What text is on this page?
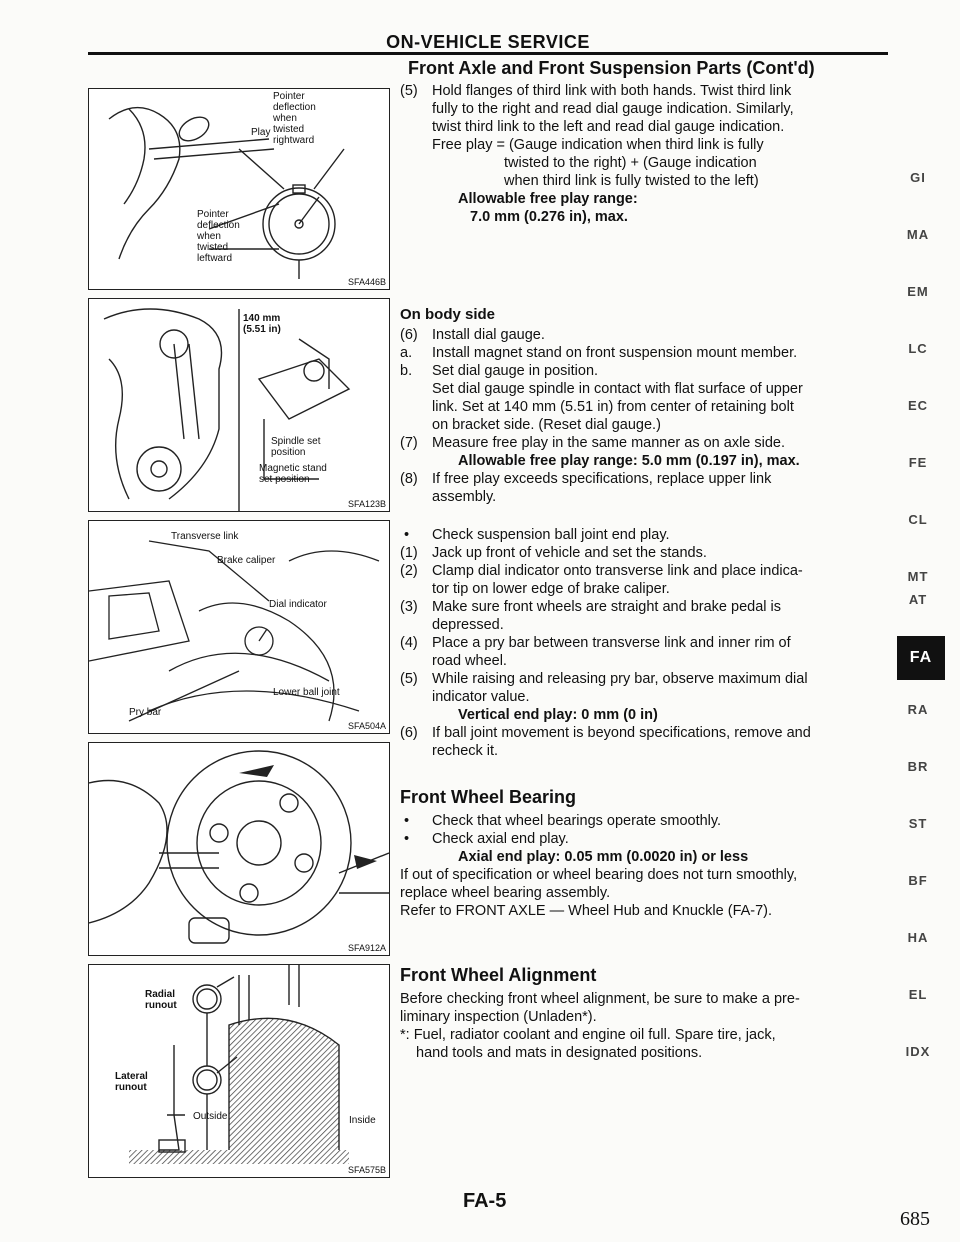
ON-VEHICLE SERVICE
Front Axle and Front Suspension Parts (Cont'd)
Pointer
deflection
when
twisted
rightward
Play
Pointer
deflection
when
twisted
leftward
SFA446B
140 mm
(5.51 in)
Spindle set
position
Magnetic stand
set position
SFA123B
Transverse link
Brake caliper
Dial indicator
Lower ball joint
Pry bar
SFA504A
SFA912A
Radial
runout
Lateral
runout
Outside	Inside
SFA575B
(5) Hold flanges of third link with both hands. Twist third link
fully to the right and read dial gauge indication. Similarly,
twist third link to the left and read dial gauge indication.
Free play = (Gauge indication when third link is fully
twisted to the right) + (Gauge indication
when third link is fully twisted to the left)
Allowable free play range:
7.0 mm (0.276 in), max.
On body side
(6) Install dial gauge.
a.	Install magnet stand on front suspension mount member.
b.	Set dial gauge in position.
Set dial gauge spindle in contact with flat surface of upper
link. Set at 140 mm (5.51 in) from center of retaining bolt
on bracket side. (Reset dial gauge.)
(7) Measure free play in the same manner as on axle side.
Allowable free play range: 5.0 mm (0.197 in), max.
(8) If free play exceeds specifications, replace upper link
assembly.
• Check suspension ball joint end play.
(1) Jack up front of vehicle and set the stands.
(2) Clamp dial indicator onto transverse link and place indica-
tor tip on lower edge of brake caliper.
(3) Make sure front wheels are straight and brake pedal is
depressed.
(4) Place a pry bar between transverse link and inner rim of
road wheel.
(5) While raising and releasing pry bar, observe maximum dial
indicator value.
Vertical end play: 0 mm (0 in)
(6) If ball joint movement is beyond specifications, remove and
recheck it.
Front Wheel Bearing
• Check that wheel bearings operate smoothly.
• Check axial end play.
Axial end play: 0.05 mm (0.0020 in) or less
If out of specification or wheel bearing does not turn smoothly,
replace wheel bearing assembly.
Refer to FRONT AXLE — Wheel Hub and Knuckle (FA-7).
Front Wheel Alignment
Before checking front wheel alignment, be sure to make a pre-
liminary inspection (Unladen*).
*: Fuel, radiator coolant and engine oil full. Spare tire, jack,
hand tools and mats in designated positions.
GI
MA
EM
LC
EC
FE
CL
MT
AT
FA
RA
BR
ST
BF
HA
EL
IDX
FA-5
685
